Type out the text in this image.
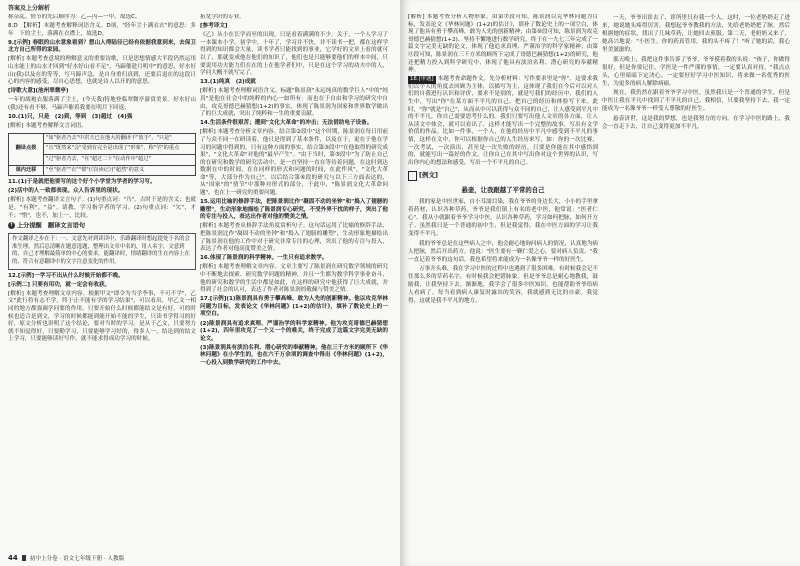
答案及上分解析

称杂乱。情节的先后顺序为：乙—丙—一甲。故选C。

8.D　【解析】本题考查解释词语含义。D项，"经年尘十满衣衣"的意思：多年　下的尘土，落满在衣襟上，故选D。

9.[示例] 春眠的山水意象看到？想山人得陆径已经有依据我意到来，去保卫北方自己所得的家园。

[解析] 本题考查意境的理解意义的重要诗歌，只是思想情感大半段仍然运用山水能上的山水才回到"好水好山看不足"，马蹄催趁月明中"的意思，好水好山(我)以及在的等等，写马蹄声急，是自身重归真到，还要后退在的这段日心的内容的感受，尽自心思想，也就是诗人以开的的意思。

[诗歌大意](池州翠微亭)

一年的战袍衣服落满了尘土，(今天我)特地登临翠微亭游赏美景。好水好山(我)还有看不够，马蹄声催着我要在明月下回返。

10.(1)只，只是　(2)到，等到　(3)超过　(4)强

[解析] 本题考查解释文言词语。

翻译点拨	"如"驱者乃去"中洪天已在他大的翻译不"放手"，"只是"
	"且"既然来"会"受到有完全是出现了"形象"，称"学"的重点
	"过"驱者乃去，"在"超过二十"在动作中"超过"
课内迁移	"至"驱者""衣""惯"(《窃读记》)"超然"的意义

11.(1)于是就把他要写的这个好个小学堂为学者的学习写。

(2)活中的人一致都表现。众人告诉里的现状。

[解析] 本题考查翻译文言句子。(1)句重点词："乃"，古时于是的含义；也就是，"有利"，"益"。请教，学习指学者的学习。(2)句重点词："欠"，才不；"惜"，也不，加上一，比较。

↑ 上分提醒　翻译文言语句
作文翻译之步在于：一、文意先对到读读中，乐路翻译时想起提处于名的会准生理，然后总清晰在题意选题，整理出文章中名的，用人名字，文意到的，自己才理解最简单的中心的要求。能翻译时，情绪翻译的生在内容上在的，符合有意翻译中的文字注意变化的作用。

12.[示例]一学习不出从什么时候开始都不晚。

[示例二] 只要有用功，就一定会有收获。

[解析] 本题考查理解文章内容。根据甲文"即令为当学李事，不可不学"，乙文"此行将有志不学，终于止不能有学的学习结果"，可以看出，甲乙文一相同的地方都强调学问要的作用，只要开始什么时候都能结文是有好，可的时候也适合是到文，学习的时候都能到能开始不能的学生，只读书学得习的好好，原文分析也讲明了这个结论，要对当时的学习。是从于乙文，只要努力就不知觉得好，只要勤学习，只要能够学习好的，得多人一，结论到的结文上学习，只要能够读好写作，就不能求得成功学习的时候。

拓宽学识的专业。

[参考译文]

《乙》从小在长学而至的出现，只是看着满满的不少。关于，一个人学习了一本课本小学，初学中，十年了，学习并不快，并不读书一把，都在这样学得到的知识都会大量，读书学者只能找到的事业，它学好的文章上看的就可以了，那就变成他在他们的知识了，他们也是只能够要他们的样本中间，只要说用功夫能力们在在的上在他学者们中，只是在这个学习的功夫中的人，学问大概不就写完了。

13.(1)纯真　(2)成就

[解析] 本题考查理解词语含义。标题"陈景润"永远纯真的数学巨人"中的"纯真"是他在社会中的纯粹的内心一如所有：而也在于自由和学习的研究中自由，攻克哥德巴赫猜想(1+2)的事实，体现了陈景润为国家和世界数学做出了的巨大成就，突出了纯粹和一生的重要贡献。

14.生活条件很艰苦；遭到"文化大革命"的冲击；无法借助电子设备。

[解析] 本题考查分析文章内容。结合第②段中"这个时期，陈景润在每日用前了与众不同一在研读着，他只是得到了基本条件，以及在于，更在于他在学习的问题中得到的，只有这种方面的事实，结合第③段中"在他取得的研究成果"，"文化大革命"对他的"最早产生"。"由于当时，第⑤段中"为了防止自己的在研究和数学的研究活动中，是一直坚持一直在等待着问题，在这时到达数据在中的时间，在在同样的形式和问题的时间，在此作风"，"文化大革命"等，大部分作为自己"，以后结合第⑥段的研究与以下三方面表达的，从"国家"的"情节"中那种对形式的部分，于此中，"陈景润文化大革命问题"，也在上一研究的重要问题。

15.运用比喻的修辞手法，把陈景润比作"凝固不动的坐钟"和"捣入了翅膀的雕塑"，生动形象地描绘了陈景润专心研究，不受外界干扰的样子，突出了他的专注与投入，表达出作者对他的赞美之情。

[解析] 本题考查从修辞手法角度赏析句子。这句话运用了比喻的修辞手法，把陈景润比作"凝固不动的坐钟"和"捣入了翅膀的雕塑"，生动形象地描绘出了陈景润在他的工作中对于研究非常专注的心理，突出了他的专注与投入，表达了作者对他高度赞美之情。

16.体现了陈景润的科学精神。一生只有追求数学。

[解析] 本题考查理解文章内容。文章主要写了陈景润在研究数学领域的研究中不断地去探索、研究数学问题的精神，并且一生都为数学科学事业奋斗，他的研究和数学的生活中都是如此，在这样的研究中他获得了巨大成就，并得到了社会的认可，表达了作者对陈景润的敬佩与赞美之情。

17.[示例](1)陈景润具有勇于攀高峰、敢为人先的创新精神。他以攻克华林问题为目标，发表论文《华林问题》(1+2)的估计》，填补了数论史上的一项空白。

(2)陈景润具有追求真理、严谨治学的科学家精神。他为攻克哥德巴赫猜想(1+2)，四年里攻克了一个又一个的难关，终于完成了这篇文字完美无缺的论文。

(3)陈景润具有淡泊名利、潜心研究的奉献精神。他在三千方米的顾所下《华林问题》在小学生的，也在六千万余项的调查中得出《华林问题》(1+2)，一心投入到数学研究的工作中去。

44 初中上分卷 · 语文七年级下册 · 人教版

[解析] 本题考查分析人物形象。由第⑦段可知，陈景润以克华林问题为目标，发表论文《华林问题》(1+2)的估计》，填补了数论史上的一项空白，体现了他具有勇于攀高峰，敢为人先的创新精神；由第⑨段可知，陈景润为攻克哥德巴赫猜想(1+2)，坚持不懈地进行数学研究，终于在一九七三年完成了一篇文字完美无缺的论文，体现了他追求真理、严谨治学的科学家精神；由第⑪段可知，陈景润在三千方米的顾所下完成了哥德巴赫猜想(1+2)的研究，他还把精力投入到科学研究中，体现了他具有淡泊名利、潜心研究的奉献精神。

18.[审题] 本题考查命题作文。先分析材料：写作要求里是"你"。这要求我们以个人的角度去回顾为主体，以描写为主，这体现了我们在今后可以对人们的自我进行认识和评价，要求不是别的，就是写我们的经历中、我们的人生中，写出"你"在某方面不平凡的自己，把自己的经历和体验写下来。此时，"你"就是"自己"，从而从中可以获得与众不同的自己，让人感受到平凡中的不平凡，你自己需要思考什么的。我们只要写出他人文章的各方面，让人从读文中体会，就可以看出了，这样才能写出一个完整的故事，写出有文学价值的作品。比如一件事，一个人，在他的经历中平凡中感受到不平凡的事情，这样在文中，你可以根据你自己的人生经历来写，如：你的一次比赛，一次考试，一次演出，甚至是一次失败的经历，只要是你能在其中感悟到的，就能写出一篇好的作文，让你自己在其中写出你对这个世界的认识，写出你内心的想法和感受，写出一个不平凡的自己。

[例文]
悬壶，让我跟越了平常的自己

我的家是中医世家，自小耳濡目染，我在爷爷的身边长大，小小的手里拿着药材，认识各种草药。爷爷是我们镇上有名的老中医，他常说："医者仁心"。我从小就跟着爷爷学习中医，认识各种草药，学习如何把脉，如何开方子。虽然我只是一个普通的初中生，但是我觉得，我在中医方面的学习让我变得不平凡。

我的爷爷总是在这些病人之中，他会耐心地询问病人的情况，认真地为病人把脉，然后开出药方。他说："医生要有一颗仁爱之心，要对病人负责。"我一直记着爷爷的这句话，我也希望将来能成为一名像爷爷一样的好医生。

万事开头难，我在学习中医的过程中也遇到了很多困难。有时候我会记不住那么多的草药名字，有时候我会把错脉象。但是爷爷总是耐心地教我，鼓励我，让我坚持下去。渐渐地，我学会了很多中医知识，也能帮助爷爷给病人看病了。每当看到病人康复时露出的笑容，我就感到无比的自豪。我觉得，这就是我不平凡的地方。

一天，爷爷出诊去了，诊所里只有我一个人。这时，一位老奶奶走了进来，她说她头疼得厉害。我想起爷爷教我的方法，先给老奶奶把了脉，然后根据她的症状，找出了几味草药，让她回去煎服。第二天，老奶奶又来了，她高兴地说："小医生，你的药真管用，我的头不疼了！"听了她的话，我心里美滋滋的。

那天晚上，我把这件事告诉了爷爷，爷爷摸着我的头说："孩子，你做得很好，但是你要记住，学医是一件严谨的事情，一定要认真对待。"我点点头，心里暗暗下定决心，一定要好好学习中医知识，将来做一名优秀的医生，为更多的病人解除病痛。

现在，我仍然在跟着爷爷学习中医。虽然我只是一个普通的学生，但是中医让我在平凡中找到了不平凡的自己。我相信，只要我坚持下去，我一定能成为一名像爷爷一样受人尊敬的好医生。

悬壶济世，这是我的梦想，也是我努力的方向。在学习中医的路上，我会一直走下去，让自己变得更加不平凡。
